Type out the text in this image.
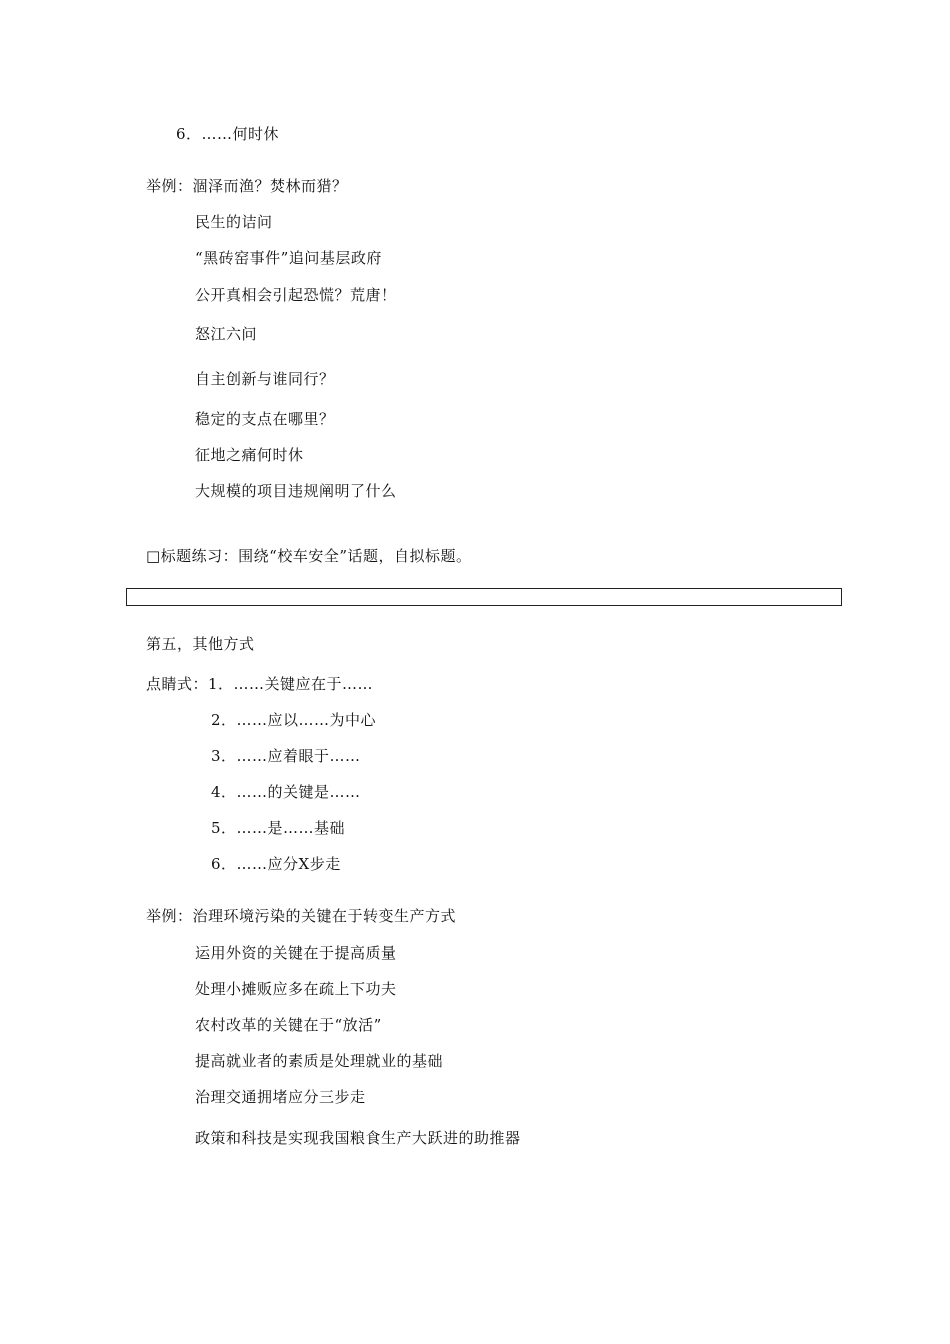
6．……何时休
举例：涸泽而渔？焚林而猎？
民生的诘问
“黑砖窑事件”追问基层政府
公开真相会引起恐慌？荒唐！
怒江六问
自主创新与谁同行？
稳定的支点在哪里？
征地之痛何时休
大规模的项目违规阐明了什么
□标题练习：围绕“校车安全”话题，自拟标题。
第五，其他方式
点睛式：1．……关键应在于……
2．……应以……为中心
3．……应着眼于……
4．……的关键是……
5．……是……基础
6．……应分X步走
举例：治理环境污染的关键在于转变生产方式
运用外资的关键在于提高质量
处理小摊贩应多在疏上下功夫
农村改革的关键在于“放活”
提高就业者的素质是处理就业的基础
治理交通拥堵应分三步走
政策和科技是实现我国粮食生产大跃进的助推器
